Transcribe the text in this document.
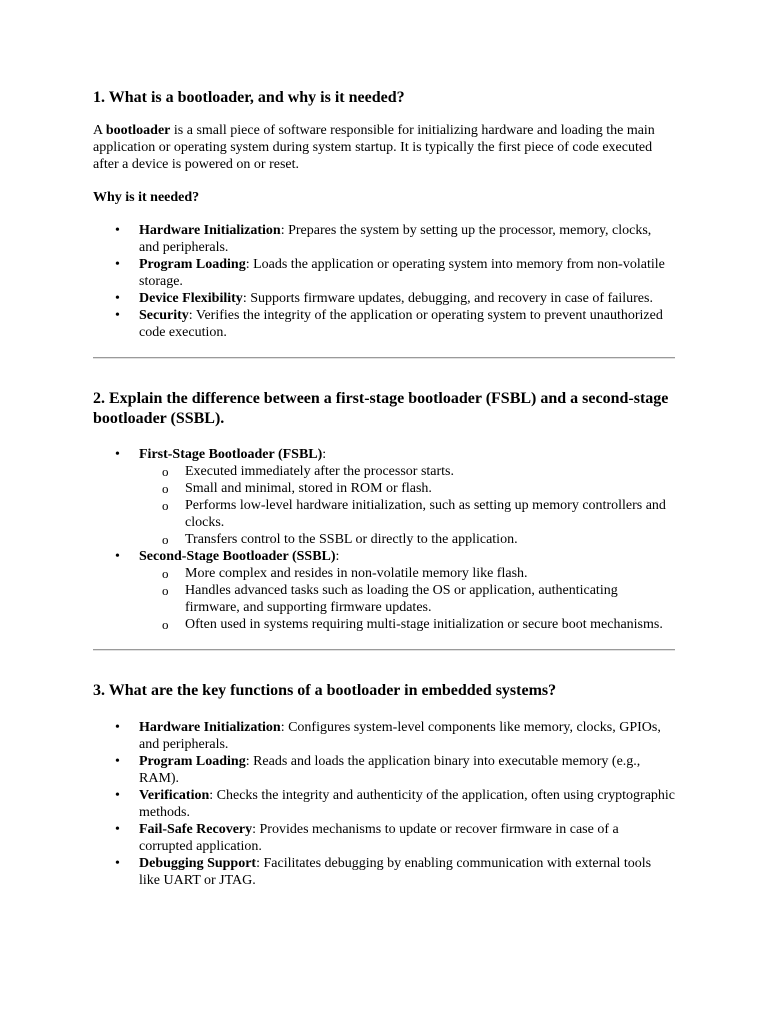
1. What is a bootloader, and why is it needed?

A bootloader is a small piece of software responsible for initializing hardware and loading the main application or operating system during system startup. It is typically the first piece of code executed after a device is powered on or reset.

Why is it needed?

• Hardware Initialization: Prepares the system by setting up the processor, memory, clocks, and peripherals.
• Program Loading: Loads the application or operating system into memory from non-volatile storage.
• Device Flexibility: Supports firmware updates, debugging, and recovery in case of failures.
• Security: Verifies the integrity of the application or operating system to prevent unauthorized code execution.
2. Explain the difference between a first-stage bootloader (FSBL) and a second-stage bootloader (SSBL).
• First-Stage Bootloader (FSBL):
o Executed immediately after the processor starts.
o Small and minimal, stored in ROM or flash.
o Performs low-level hardware initialization, such as setting up memory controllers and clocks.
o Transfers control to the SSBL or directly to the application.
• Second-Stage Bootloader (SSBL):
o More complex and resides in non-volatile memory like flash.
o Handles advanced tasks such as loading the OS or application, authenticating firmware, and supporting firmware updates.
o Often used in systems requiring multi-stage initialization or secure boot mechanisms.
3. What are the key functions of a bootloader in embedded systems?
• Hardware Initialization: Configures system-level components like memory, clocks, GPIOs, and peripherals.
• Program Loading: Reads and loads the application binary into executable memory (e.g., RAM).
• Verification: Checks the integrity and authenticity of the application, often using cryptographic methods.
• Fail-Safe Recovery: Provides mechanisms to update or recover firmware in case of a corrupted application.
• Debugging Support: Facilitates debugging by enabling communication with external tools like UART or JTAG.
